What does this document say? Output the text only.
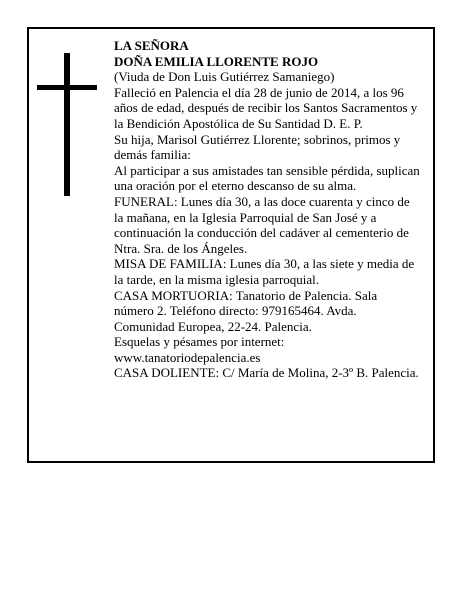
LA SEÑORA

DOÑA EMILIA LLORENTE ROJO

(Viuda de Don Luis Gutiérrez Samaniego)

Falleció en Palencia el día 28 de junio de 2014, a los 96 años de edad, después de recibir los Santos Sacramentos y la Bendición Apostólica de Su Santidad D. E. P.

Su hija, Marisol Gutiérrez Llorente; sobrinos, primos y demás familia:

Al participar a sus amistades tan sensible pérdida, suplican una oración por el eterno descanso de su alma.

FUNERAL: Lunes día 30, a las doce cuarenta y cinco de la mañana, en la Iglesia Parroquial de San José y a continuación la conducción del cadáver al cementerio de Ntra. Sra. de los Ángeles.

MISA DE FAMILIA: Lunes día 30, a las siete y media de la tarde, en la misma iglesia parroquial.

CASA MORTUORIA: Tanatorio de Palencia. Sala número 2. Teléfono directo: 979165464. Avda. Comunidad Europea, 22-24. Palencia.

Esquelas y pésames por internet: www.tanatoriodepalencia.es

CASA DOLIENTE: C/ María de Molina, 2-3º B. Palencia.
